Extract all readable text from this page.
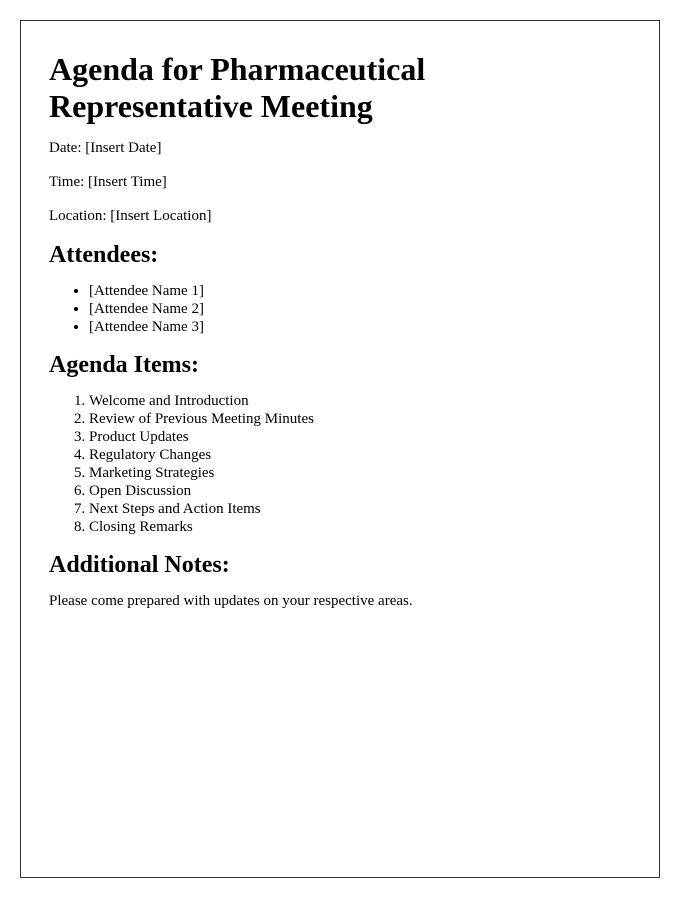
Agenda for Pharmaceutical Representative Meeting

Date: [Insert Date]

Time: [Insert Time]

Location: [Insert Location]

Attendees:
• [Attendee Name 1]
• [Attendee Name 2]
• [Attendee Name 3]
Agenda Items:
1. Welcome and Introduction
2. Review of Previous Meeting Minutes
3. Product Updates
4. Regulatory Changes
5. Marketing Strategies
6. Open Discussion
7. Next Steps and Action Items
8. Closing Remarks
Additional Notes:

Please come prepared with updates on your respective areas.
